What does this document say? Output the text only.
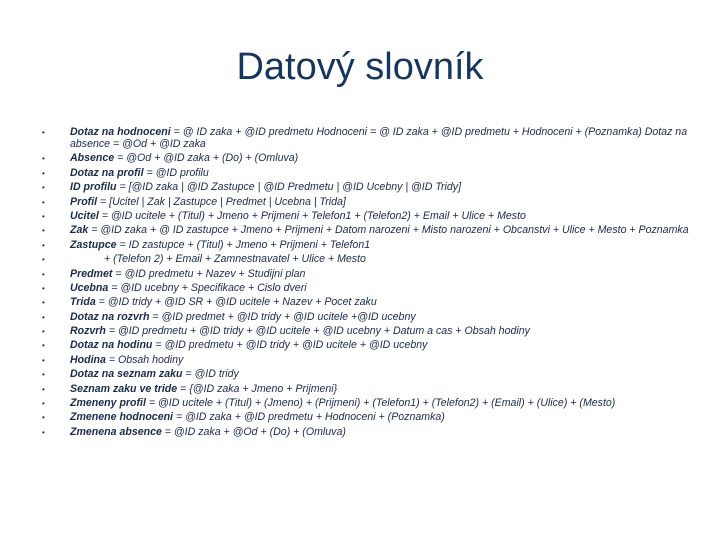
Datový slovník
• Dotaz na hodnoceni = @ ID zaka + @ID predmetu Hodnoceni = @ ID zaka + @ID predmetu + Hodnoceni + (Poznamka) Dotaz na absence = @Od + @ID zaka
• Absence = @Od + @ID zaka + (Do) + (Omluva)
• Dotaz na profil = @ID profilu
• ID profilu = [@ID zaka | @ID Zastupce | @ID Predmetu | @ID Ucebny | @ID Tridy]
• Profil = [Ucitel | Zak | Zastupce | Predmet | Ucebna | Trida]
• Ucitel = @ID ucitele + (Titul) + Jmeno + Prijmeni + Telefon1 + (Telefon2) + Email + Ulice + Mesto
• Zak = @ID zaka + @ ID zastupce + Jmeno + Prijmeni + Datom narozeni + Misto narozeni + Obcanstvi + Ulice + Mesto + Poznamka
• Zastupce = ID zastupce + (Titul) + Jmeno + Prijmeni + Telefon1
•	+ (Telefon 2) + Email + Zamnestnavatel + Ulice + Mesto
• Predmet = @ID predmetu + Nazev + Studijni plan
• Ucebna = @ID ucebny + Specifikace + Cislo dveri
• Trida = @ID tridy + @ID SR + @ID ucitele + Nazev + Pocet zaku
• Dotaz na rozvrh = @ID predmet + @ID tridy + @ID ucitele +@ID ucebny
• Rozvrh = @ID predmetu + @ID tridy + @ID ucitele + @ID ucebny + Datum a cas + Obsah hodiny
• Dotaz na hodinu = @ID predmetu + @ID tridy + @ID ucitele + @ID ucebny
• Hodina = Obsah hodiny
• Dotaz na seznam zaku = @ID tridy
• Seznam zaku ve tride = {@ID zaka + Jmeno + Prijmeni}
• Zmeneny profil = @ID ucitele + (Titul) + (Jmeno) + (Prijmeni) + (Telefon1) + (Telefon2) + (Email) + (Ulice) + (Mesto)
• Zmenene hodnoceni = @ID zaka + @ID predmetu + Hodnoceni + (Poznamka)
• Zmenena absence = @ID zaka + @Od + (Do) + (Omluva)
